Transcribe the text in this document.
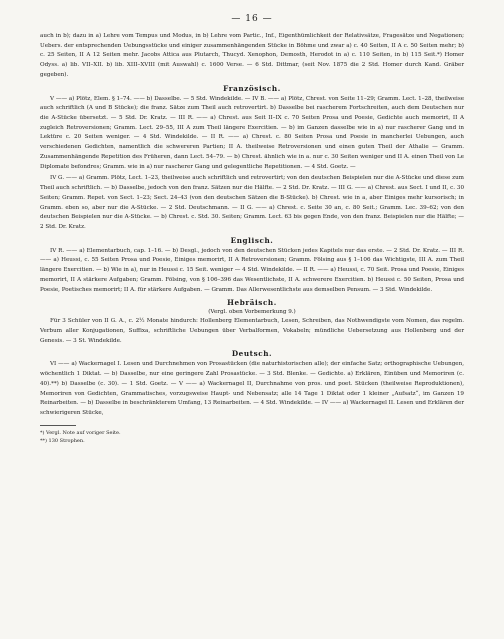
— 16 —

auch in b); dazu in a) Lehre vom Tempus und Modus, in b) Lehre vom Partic., Inf., Eigenthümlichkeit der Relativsätze, Fragesätze und Negationen; Uebers. der entsprechenden Uebungsstücke und einiger zusammenhängenden Stücke in Böhme und zwar a) c. 40 Seiten, II A c. 50 Seiten mehr; b) c. 25 Seiten, II A 12 Seiten mehr. Jacobs Attica aus Plutarch, Thucyd. Xenophon, Demosth, Herodot in a) c. 110 Seiten, in b) 115 Seit.*) Homer Odyss. a) lib. VII–XII. b) lib. XIII–XVIII (mit Auswahl) c. 1600 Verse. — 6 Std. Dittmar, (seit Nov. 1875 die 2 Std. Homer durch Kand. Gräber gegeben).

Französisch.

V —— a) Plötz, Elem. § 1–74. —— b) Dasselbe. — 5 Std. Windekilde. — IV B. —— a) Plötz, Chrest. von Seite 11–29; Gramm. Lect. 1–28, theilweise auch schriftlich (A und B Stücke); die franz. Sätze zum Theil auch retrovertirt. b) Dasselbe bei rascherem Fortschreiten, auch dem Deutschen nur die A-Stücke übersetzt. — 5 Std. Dr. Kratz. — III R. —— a) Chrest. aus Seit II–IX c. 70 Seiten Prosa und Poesie, Gedichte auch memorirt, II A zugleich Retroversionen; Gramm. Lect. 29–55, III A zum Theil längere Exercitien. — b) im Ganzen dasselbe wie in a) nur rascherer Gang und in Lektüre c. 20 Seiten weniger. — 4 Std. Windekilde. — II R. —— a) Chrest. c. 80 Seiten Prosa und Poesie in mancherlei Uebungen, auch verschiedenen Gedichten, namentlich die schwereren Partien; II A. theilweise Retroversionen und einen guten Theil der Athalie — Gramm. Zusammenhängende Repetition des Früheren, dann Lect. 54–79. — b) Chrest. ähnlich wie in a. nur c. 30 Seiten weniger und II A. einen Theil von Le Diplomate befondres; Gramm. wie in a) nur rascherer Gang und gelegentliche Repetitionen. — 4 Std. Goetz. —

IV G. —— a) Gramm. Plötz, Lect. 1–23, theilweise auch schriftlich und retrovertirt; von den deutschen Beispielen nur die A-Stücke und diese zum Theil auch schriftlich. — b) Dasselbe, jedoch von den franz. Sätzen nur die Hälfte. — 2 Std. Dr. Kratz. — III G. —— a) Chrest. aus Sect. I und II, c. 30 Seiten; Gramm. Repet. von Sect. 1–23; Sect. 24–43 (von den deutschen Sätzen die B-Stücke). b) Chrest. wie in a, aber Einiges mehr kursorisch; in Gramm. eben so, aber nur die A-Stücke. — 2 Std. Deutschmann. — II G. —— a) Chrest. c. Seite 30 an, c. 80 Seit.; Gramm. Lec. 39–62; von den deutschen Beispielen nur die A-Stücke. — b) Chrest. c. Std. 30. Seiten; Gramm. Lect. 63 bis gegen Ende, von den franz. Beispielen nur die Hälfte; — 2 Std. Dr. Kratz.

Englisch.

IV R. —— a) Elementarbuch, cap. 1–16. — b) Desgl., jedoch von den deutschen Stücken jedes Kapitels nur das erste. — 2 Std. Dr. Kratz. — III R. —— a) Heussi, c. 55 Seiten Prosa und Poesie, Einiges memorirt, II A Retroversionen; Gramm. Fölsing aus § 1–106 das Wichtigste, III A. zum Theil längere Exercitien. — b) Wie in a), nur in Heussi c. 15 Seit. weniger — 4 Std. Windekilde. — II R. —— a) Heussi, c. 70 Seit. Prosa und Poesie, Einiges memorirt, II A stärkere Aufgaben; Gramm. Fölsing, von § 106–396 das Wesentlichste, II A. schwerere Exercitien. b) Heussi c. 50 Seiten, Prosa und Poesie, Poetisches memorirt; II A. für stärkere Aufgaben. — Gramm. Das Allerwesentlichste aus demselben Pensum. — 3 Std. Windekilde.

Hebräisch.
(Vergl. oben Vorbemerkung 9.)

Für 3 Schüler von II G. A., c. 2½ Monate hindurch: Hollenberg Elementarbuch, Lesen, Schreiben, das Nothwendigste vom Nomen, das regelm. Verbum aller Konjugationen, Suffixa, schriftliche Uebungen über Verbalformen, Vokabeln; mündliche Uebersetzung aus Hollenberg und der Genesis. — 3 St. Windekilde.

Deutsch.

VI —— a) Wackernagel I. Lesen und Durchnehmen von Prosastücken (die naturhistorischen alle); der einfache Satz; orthographische Uebungen, wöchentlich 1 Diktat. — b) Dasselbe, nur eine geringere Zahl Prosastücke. — 3 Std. Blenke. — Gedichte. a) Erklären, Einüben und Memoriren (c. 40).**) b) Dasselbe (c. 30). — 1 Std. Goetz. — V —— a) Wackernagel II, Durchnahme von pros. und poet. Stücken (theilweise Reproduktionen), Memoriren von Gedichten, Grammatisches, vorzugsweise Haupt- und Nebensatz; alle 14 Tage 1 Diktat oder 1 kleiner „Aufsatz“, im Ganzen 19 Reinarbeiten. — b) Dasselbe in beschränkterem Umfang, 13 Reinarbeiten. — 4 Std. Windekilde. — IV —— a) Wackernagel II. Lesen und Erklären der schwierigeren Stücke,

*) Vergl. Note auf voriger Seite.

**) 130 Strophen.
